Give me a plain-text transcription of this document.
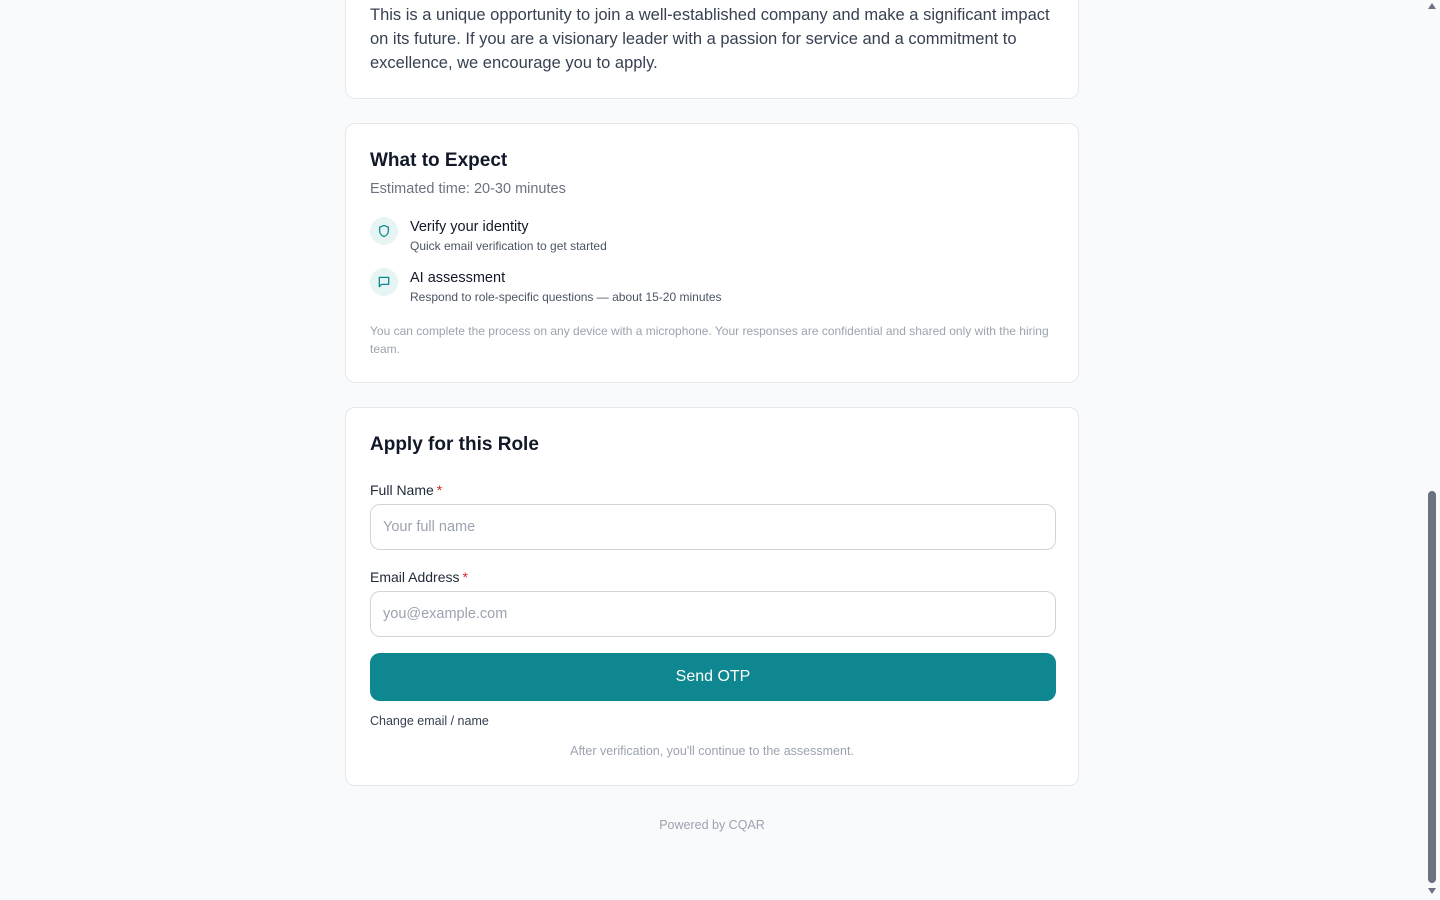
This is a unique opportunity to join a well-established company and make a significant impact on its future. If you are a visionary leader with a passion for service and a commitment to excellence, we encourage you to apply.

What to Expect
Estimated time: 20-30 minutes
Verify your identity
Quick email verification to get started
AI assessment
Respond to role-specific questions — about 15-20 minutes
You can complete the process on any device with a microphone. Your responses are confidential and shared only with the hiring team.
Apply for this Role
Full Name *
Your full name
Email Address *
you@example.com
Send OTP
Change email / name
After verification, you'll continue to the assessment.
Powered by CQAR
